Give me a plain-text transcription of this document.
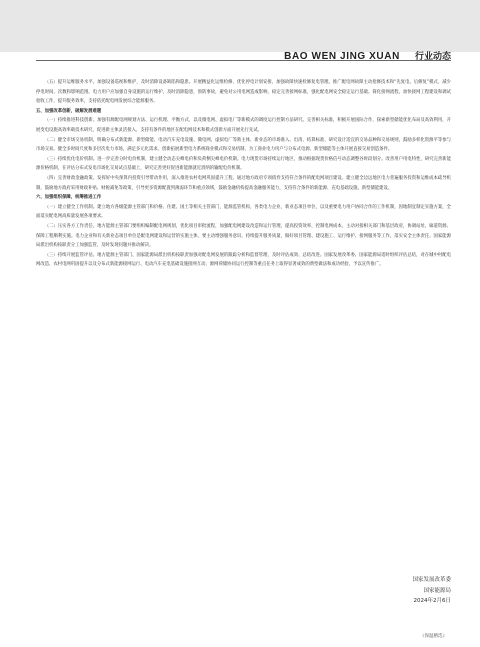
BAO WEN JING XUAN 行业动态

（五）提升运维服务水平。加强设备巡视和维护，及时消除设备缺陷和隐患。开展精益化运维检修，优化停电计划安排，加强故障快速检修复电管理。推广配电网故障主动抢修技术和“先复电、后修复”模式，减少停电时间、次数和影响范围。电力用户应加强自身设施的运行维护，及时消除隐患，预防事故，避免对公用电网造成影响，稳定完善接网标准，强化配电网安全稳定运行基础。简化接网流程，加快接网工程建设和调试验收工作，提升服务效率，支持依托配电网发展综合能源服务。

五、加强改革创新，破解发展难题

（一）持续推进科技创新。加强有源配电网规划方法、运行机理、平衡方式，以及微电网、虚拟电厂等新模式的调度运行控制方法研究。完善相关标准，积极开展国际合作，探索新型储能优化布局及高效利用，开展变电设施高效率载技术研究，促进新主体灵活接入，支持有条件的地区在配电网技术和模式创新方面开展先行先试。

（二）健全市场交易机制。明确分布式新能源、新型储能、电动汽车充电设施、微电网、虚拟电厂等新主体、新业态的市场准入、出清、结算标准，研究设计适宜的交易品种和交易规则，鼓励多样化资源平等参与市场交易。健全多时间尺度和多层次电力市场，满足多元化需求。创新拓展新型电力系统商业模式和交易机制，为工商业电力用户与分布式电源、新型储能等主体开展直接交易创造条件。

（三）持续优化电价机制。进一步完善分时电价机制，建立健全动态尖峰电价和负荷侧尖峰电价机制。电力现货市场持续运行地区，推动根据现货价格信号动态调整谷时段划分。改善用户用电特性，研究完善新能源价格机制，在评估分布式发电市场化交易试点基础上，研究完善更好促进新能源就近消纳的输配电价机制。

（四）完善财政金融政策。发挥好中央预算内投资引导带动作用，深入推进农村电网巩固提升工程，通过地方政府专项债券支持符合条件的配电网项目建设。建立健全边远地区电力普遍服务投资和运维成本疏导机制，鼓励地方政府采用财政补贴、财税减免等政策，引导更多资源配置到薄弱环节和重点领域，鼓励金融机构提高金融服务能力，支持符合条件的新能源、充电基础设施、新型储能建设。

六、加强组织保障，统筹推进工作

（一）建立健全工作机制。建立地方各级能源主管部门和价格、住建、国土等相关主管部门，能源监管机构，各类电力企业，新业态项目单位，以及重要电力用户协同合作的工作机制，因地制宜制定实施方案，全面落实配电网高质量发展各项要求。

（二）压实各方工作责任。地方能源主管部门要组织编制配电网规划，优化项目审批流程，加强配电网建设改造和运行管理，提高投资效率，控制电网成本，主动对接相关部门和基层政府，协调站址、廊道资源、保障工程顺利实施。电力企业和有关新业态项目单位是配电网建设和运营的实施主体，要主动增强服务意识，持续提升服务质量，做好项目管理、建设施工、运行维护、接网服务等工作，落实安全主体责任。国家能源局派出机构按职责分工加强监管，及时发现问题并推动解决。

（三）持续开展监管评估。地方能源主管部门、国家能源局派出机构按职责加强对配电网发展的跟踪分析和监督管理，及时评估成效、总结改进。国家发展改革委、国家能源局适时组织评估总结，对在城中村配电网改造、农村电网巩固提升以及分布式新能源接网运行、电动汽车充电基础设施接网互动、源网荷储协同运行控制等重点任务上取得显著成效的典型做法和成功经验，予以宣传推广。

国家发展改革委
国家能源局
2024年2月6日
《保温精选》
